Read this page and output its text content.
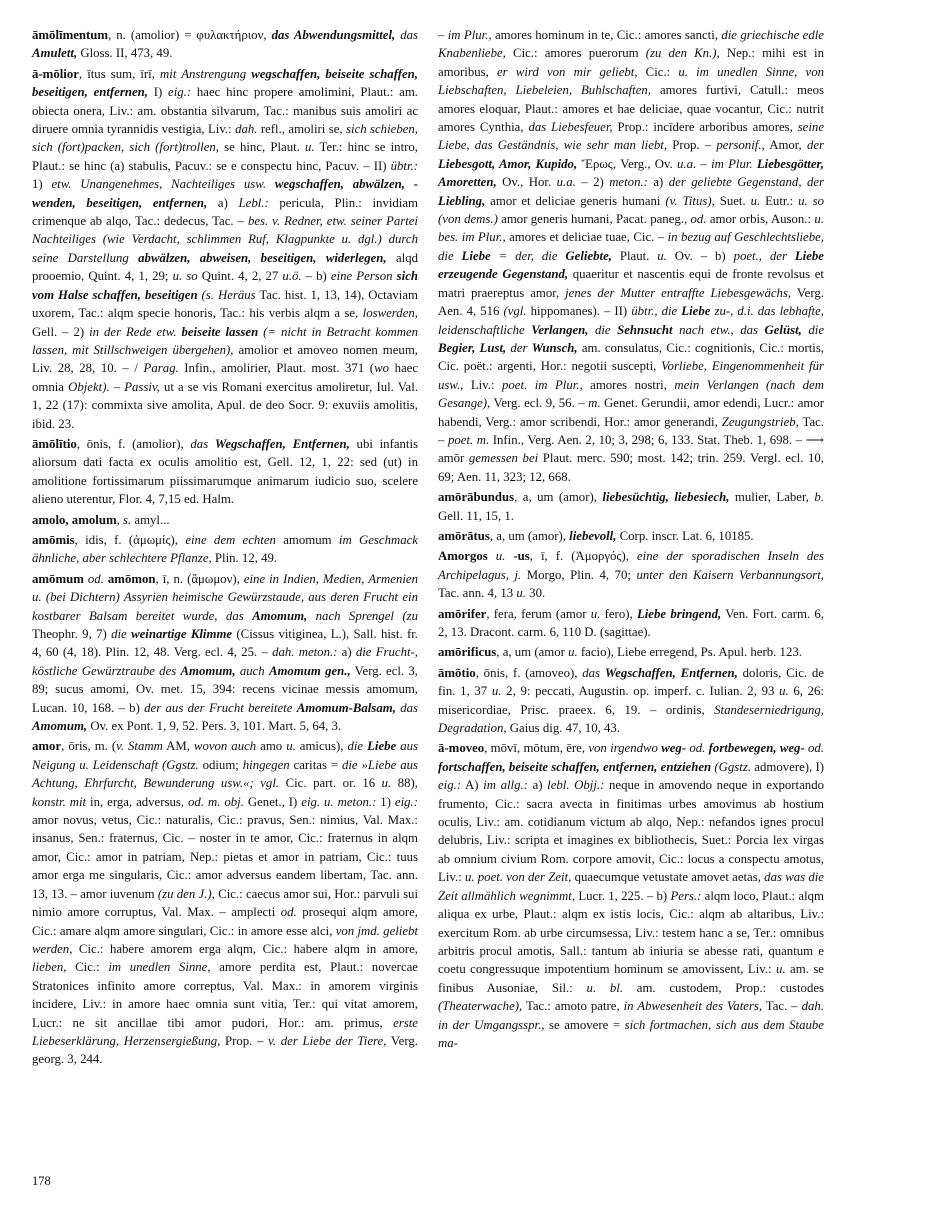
āmōlīmentum, n. (amolior) = φυλακτήριον, das Abwendungsmittel, das Amulett, Gloss. II, 473, 49.

ā-mōlior, ītus sum, īrī, mit Anstrengung wegschaffen, beiseite schaffen, beseitigen, entfernen, I) eig.: haec hinc propere amolimini, Plaut.: am. obiecta onera, Liv.: am. obstantia silvarum, Tac.: manibus suis amoliri ac diruere omnia tyrannidis vestigia, Liv.: dah. refl., amoliri se, sich schieben, sich (fort)packen, sich (fort)trollen, se hinc, Plaut. u. Ter.: hinc se intro, Plaut.: se hinc (a) stabulis, Pacuv.: se e conspectu hinc, Pacuv. – II) übtr.: 1) etw. Unangenehmes, Nachteiliges usw. wegschaffen, abwälzen, -wenden, beseitigen, entfernen, a) Lebl.: pericula, Plin.: invidiam crimenque ab alqo, Tac.: dedecus, Tac. – bes. v. Redner, etw. seiner Partei Nachteiliges (wie Verdacht, schlimmen Ruf, Klagpunkte u. dgl.) durch seine Darstellung abwälzen, abweisen, beseitigen, widerlegen, alqd prooemio, Quint. 4, 1, 29; u. so Quint. 4, 2, 27 u.ö. – b) eine Person sich vom Halse schaffen, beseitigen (s. Heräus Tac. hist. 1, 13, 14), Octaviam uxorem, Tac.: alqm specie honoris, Tac.: his verbis alqm a se, loswerden, Gell. – 2) in der Rede etw. beiseite lassen (= nicht in Betracht kommen lassen, mit Stillschweigen übergehen), amolior et amoveo nomen meum, Liv. 28, 28, 10. – / Parag. Infin., amolirier, Plaut. most. 371 (wo haec omnia Objekt). – Passiv, ut a se vis Romani exercitus amoliretur, Iul. Val. 1, 22 (17): commixta sive amolita, Apul. de deo Socr. 9: exuviis amolitis, ibid. 23.

āmōlītio, ōnis, f. (amolior), das Wegschaffen, Entfernen, ubi infantis aliorsum dati facta ex oculis amolitio est, Gell. 12, 1, 22: sed (ut) in amolitione fortissimarum piissimarumque animarum iudicio suo, scelere alieno uterentur, Flor. 4, 7,15 ed. Halm.

amolo, amolum, s. amyl...

amōmis, idis, f. (ἀμωμίς), eine dem echten amomum im Geschmack ähnliche, aber schlechtere Pflanze, Plin. 12, 49.

amōmum od. amōmon, ī, n. (ἄμωμον), eine in Indien, Medien, Armenien u. (bei Dichtern) Assyrien heimische Gewürzstaude, aus deren Frucht ein kostbarer Balsam bereitet wurde, das Amomum, nach Sprengel (zu Theophr. 9, 7) die weinartige Klimme (Cissus vitiginea, L.), Sall. hist. fr. 4, 60 (4, 18). Plin. 12, 48. Verg. ecl. 4, 25. – dah. meton.: a) die Frucht-, köstliche Gewürztraube des Amomum, auch Amomum gen., Verg. ecl. 3, 89; sucus amomi, Ov. met. 15, 394: recens vicinae messis amomum, Lucan. 10, 168. – b) der aus der Frucht bereitete Amomum-Balsam, das Amomum, Ov. ex Pont. 1, 9, 52. Pers. 3, 101. Mart. 5, 64, 3.

amor, ōris, m. (v. Stamm AM, wovon auch amo u. amicus), die Liebe aus Neigung u. Leidenschaft (Ggstz. odium; hingegen caritas = die »Liebe aus Achtung, Ehrfurcht, Bewunderung usw.«; vgl. Cic. part. or. 16 u. 88), konstr. mit in, erga, adversus, od. m. obj. Genet., I) eig. u. meton.: 1) eig.: amor novus, vetus, Cic.: naturalis, Cic.: pravus, Sen.: nimius, Val. Max.: insanus, Sen.: fraternus, Cic. – noster in te amor, Cic.: fraternus in alqm amor, Cic.: amor in patriam, Nep.: pietas et amor in patriam, Cic.: tuus amor erga me singularis, Cic.: amor adversus eandem libertam, Tac. ann. 13, 13. – amor iuvenum (zu den J.), Cic.: caecus amor sui, Hor.: parvuli sui nimio amore corruptus, Val. Max. – amplecti od. prosequi alqm amore, Cic.: amare alqm amore singulari, Cic.: in amore esse alci, von jmd. geliebt werden, Cic.: habere amorem erga alqm, Cic.: habere alqm in amore, lieben, Cic.: im unedlen Sinne, amore perdita est, Plaut.: novercae Stratonices infinito amore correptus, Val. Max.: in amorem virginis incidere, Liv.: in amore haec omnia sunt vitia, Ter.: qui vitat amorem, Lucr.: ne sit ancillae tibi amor pudori, Hor.: am. primus, erste Liebeserklärung, Herzensergießung, Prop. – v. der Liebe der Tiere, Verg. georg. 3, 244.

– im Plur., amores hominum in te, Cic.: amores sancti, die griechische edle Knabenliebe, Cic.: amores puerorum (zu den Kn.), Nep.: mihi est in amoribus, er wird von mir geliebt, Cic.: u. im unedlen Sinne, von Liebschaften, Liebeleien, Buhlschaften, amores furtivi, Catull.: meos amores eloquar, Plaut.: amores et hae deliciae, quae vocantur, Cic.: nutrit amores Cynthia, das Liebesfeuer, Prop.: incīdere arboribus amores, seine Liebe, das Geständnis, wie sehr man liebt, Prop. – personif., Amor, der Liebesgott, Amor, Kupido, Ἔρως, Verg., Ov. u.a. – im Plur. Liebesgötter, Amoretten, Ov., Hor. u.a. – 2) meton.: a) der geliebte Gegenstand, der Liebling, amor et deliciae generis humani (v. Titus), Suet. u. Eutr.: u. so (von dems.) amor generis humani, Pacat. paneg., od. amor orbis, Auson.: u. bes. im Plur., amores et deliciae tuae, Cic. – in bezug auf Geschlechtsliebe, die Liebe = der, die Geliebte, Plaut. u. Ov. – b) poet., der Liebe erzeugende Gegenstand, quaeritur et nascentis equi de fronte revolsus et matri praereptus amor, jenes der Mutter entraffte Liebesgewächs, Verg. Aen. 4, 516 (vgl. hippomanes). – II) übtr., die Liebe zu-, d.i. das lebhafte, leidenschaftliche Verlangen, die Sehnsucht nach etw., das Gelüst, die Begier, Lust, der Wunsch, am. consulatus, Cic.: cognitionis, Cic.: mortis, Cic. poët.: argenti, Hor.: negotii suscepti, Vorliebe, Eingenommenheit für usw., Liv.: poet. im Plur., amores nostri, mein Verlangen (nach dem Gesange), Verg. ecl. 9, 56. – m. Genet. Gerundii, amor edendi, Lucr.: amor habendi, Verg.: amor scribendi, Hor.: amor generandi, Zeugungstrieb, Tac. – poet. m. Infin., Verg. Aen. 2, 10; 3, 298; 6, 133. Stat. Theb. 1, 698. – ⟶ amōr gemessen bei Plaut. merc. 590; most. 142; trin. 259. Vergl. ecl. 10, 69; Aen. 11, 323; 12, 668.

amōrābundus, a, um (amor), liebesüchtig, liebesiech, mulier, Laber, b. Gell. 11, 15, 1.

amōrātus, a, um (amor), liebevoll, Corp. inscr. Lat. 6, 10185.

Amorgos u. -us, ī, f. (Ἀμοργός), eine der sporadischen Inseln des Archipelagus, j. Morgo, Plin. 4, 70; unter den Kaisern Verbannungsort, Tac. ann. 4, 13 u. 30.

amōrifer, fera, ferum (amor u. fero), Liebe bringend, Ven. Fort. carm. 6, 2, 13. Dracont. carm. 6, 110 D. (sagittae).

amōrificus, a, um (amor u. facio), Liebe erregend, Ps. Apul. herb. 123.

āmōtio, ōnis, f. (amoveo), das Wegschaffen, Entfernen, doloris, Cic. de fin. 1, 37 u. 2, 9: peccati, Augustin. op. imperf. c. Iulian. 2, 93 u. 6, 26: misericordiae, Prisc. praeex. 6, 19. – ordinis, Standeserniedrigung, Degradation, Gaius dig. 47, 10, 43.

ā-moveo, mōvī, mōtum, ēre, von irgendwo weg- od. fortbewegen, weg- od. fortschaffen, beiseite schaffen, entfernen, entziehen (Ggstz. admovere), I) eig.: A) im allg.: a) lebl. Objj.: neque in amovendo neque in exportando frumento, Cic.: sacra avecta in finitimas urbes amovimus ab hostium oculis, Liv.: am. cotidianum victum ab alqo, Nep.: nefandos ignes procul delubris, Liv.: scripta et imagines ex bibliothecis, Suet.: Porcia lex virgas ab omnium civium Rom. corpore amovit, Cic.: locus a conspectu amotus, Liv.: u. poet. von der Zeit, quaecumque vetustate amovet aetas, das was die Zeit allmählich wegnimmt, Lucr. 1, 225. – b) Pers.: alqm loco, Plaut.: alqm aliqua ex urbe, Plaut.: alqm ex istis locis, Cic.: alqm ab altaribus, Liv.: exercitum Rom. ab urbe circumsessa, Liv.: testem hanc a se, Ter.: omnibus arbitris procul amotis, Sall.: tantum ab iniuria se abesse rati, quantum e coetu congressuque impotentium hominum se amovissent, Liv.: u. am. se finibus Ausoniae, Sil.: u. bl. am. custodem, Prop.: custodes (Theaterwache), Tac.: amoto patre, in Abwesenheit des Vaters, Tac. – dah. in der Umgangsspr., se amovere = sich fortmachen, sich aus dem Staube ma-

178
